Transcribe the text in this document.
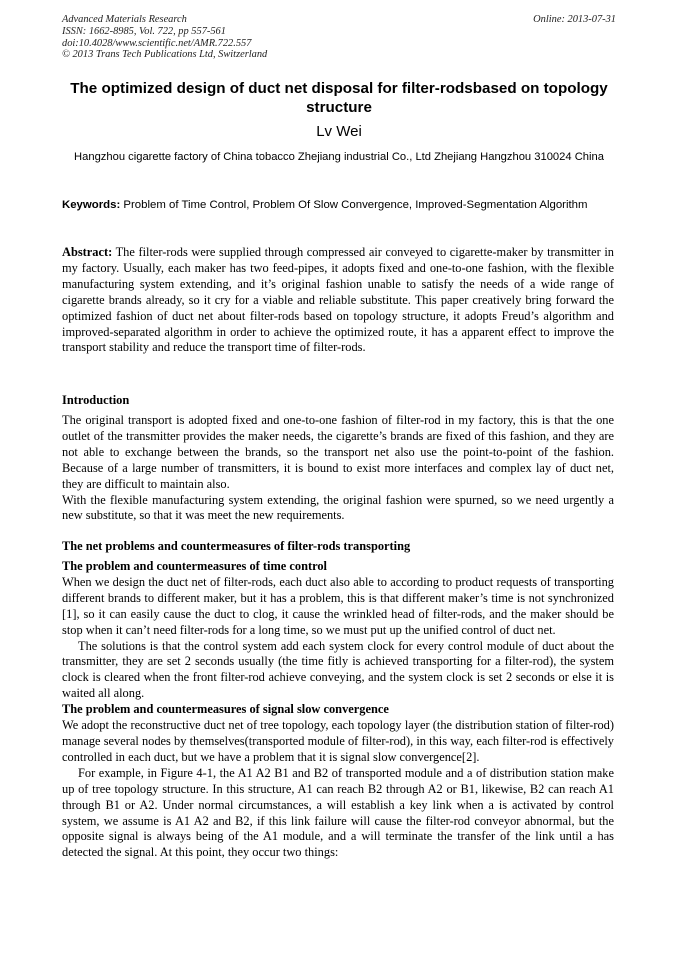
Advanced Materials Research
ISSN: 1662-8985, Vol. 722, pp 557-561
doi:10.4028/www.scientific.net/AMR.722.557
© 2013 Trans Tech Publications Ltd, Switzerland
Online: 2013-07-31
The optimized design of duct net disposal for filter-rodsbased on topology structure
Lv Wei
Hangzhou cigarette factory of China tobacco Zhejiang industrial Co., Ltd Zhejiang Hangzhou 310024 China
Keywords: Problem of Time Control, Problem Of Slow Convergence, Improved-Segmentation Algorithm

Abstract: The filter-rods were supplied through compressed air conveyed to cigarette-maker by transmitter in my factory. Usually, each maker has two feed-pipes, it adopts fixed and one-to-one fashion, with the flexible manufacturing system extending, and it’s original fashion unable to satisfy the needs of a wide range of cigarette brands already, so it cry for a viable and reliable substitute. This paper creatively bring forward the optimized fashion of duct net about filter-rods based on topology structure, it adopts Freud’s algorithm and improved-separated algorithm in order to achieve the optimized route, it has a apparent effect to improve the transport stability and reduce the transport time of filter-rods.

Introduction

The original transport is adopted fixed and one-to-one fashion of filter-rod in my factory, this is that the one outlet of the transmitter provides the maker needs, the cigarette’s brands are fixed of this fashion, and they are not able to exchange between the brands, so the transport net also use the point-to-point of the fashion. Because of a large number of transmitters, it is bound to exist more interfaces and complex lay of duct net, they are difficult to maintain also.

With the flexible manufacturing system extending, the original fashion were spurned, so we need urgently a new substitute, so that it was meet the new requirements.

The net problems and countermeasures of filter-rods transporting

The problem and countermeasures of time control

When we design the duct net of filter-rods, each duct also able to according to product requests of transporting different brands to different maker, but it has a problem, this is that different maker’s time is not synchronized [1], so it can easily cause the duct to clog, it cause the wrinkled head of filter-rods, and the maker should be stop when it can’t need filter-rods for a long time, so we must put up the unified control of duct net.

The solutions is that the control system add each system clock for every control module of duct about the transmitter, they are set 2 seconds usually (the time fitly is achieved transporting for a filter-rod), the system clock is cleared when the front filter-rod achieve conveying, and the system clock is set 2 seconds or else it is waited all along.

The problem and countermeasures of signal slow convergence

We adopt the reconstructive duct net of tree topology, each topology layer (the distribution station of filter-rod) manage several nodes by themselves(transported module of filter-rod), in this way, each filter-rod is effectively controlled in each duct, but we have a problem that it is signal slow convergence[2].

For example, in Figure 4-1, the A1 A2 B1 and B2 of transported module and a of distribution station make up of tree topology structure. In this structure, A1 can reach B2 through A2 or B1, likewise, B2 can reach A1 through B1 or A2. Under normal circumstances, a will establish a key link when a is activated by control system, we assume is A1 A2 and B2, if this link failure will cause the filter-rod conveyor abnormal, but the opposite signal is always being of the A1 module, and a will terminate the transfer of the link until a has detected the signal. At this point, they occur two things:
